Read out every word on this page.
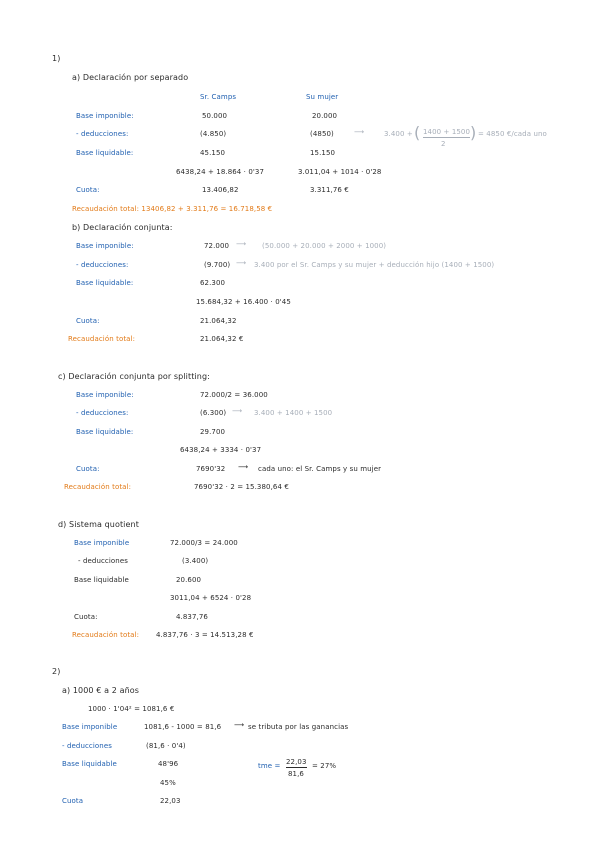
1)
a) Declaración por separado
Sr. Camps	Su mujer
Base imponible:	50.000	20.000
- deducciones:	(4.850)	(4850)	⟶	3.400 + ( 1400 + 1500
2
) = 4850 €/cada uno
Base liquidable:	45.150	15.150
6438,24 + 18.864 · 0'37	3.011,04 + 1014 · 0'28
Cuota:	13.406,82	3.311,76 €
Recaudación total: 13406,82 + 3.311,76 = 16.718,58 €
b) Declaración conjunta:
Base imponible:	72.000 ⟶ (50.000 + 20.000 + 2000 + 1000)
- deducciones:	(9.700) ⟶ 3.400 por el Sr. Camps y su mujer + deducción hijo (1400 + 1500)
Base liquidable:	62.300
15.684,32 + 16.400 · 0'45
Cuota:	21.064,32
Recaudación total:	21.064,32 €
c) Declaración conjunta por splitting:
Base imponible:	72.000/2 = 36.000
- deducciones:	(6.300) ⟶ 3.400 + 1400 + 1500
Base liquidable:	29.700
6438,24 + 3334 · 0'37
Cuota:	7690'32 ⟶ cada uno: el Sr. Camps y su mujer
Recaudación total:	7690'32 · 2 = 15.380,64 €
d) Sistema quotient
Base imponible	72.000/3 = 24.000
- deducciones	(3.400)
Base liquidable	20.600
3011,04 + 6524 · 0'28
Cuota:	4.837,76
Recaudación total: 4.837,76 · 3 = 14.513,28 €
2)
a) 1000 € a 2 años
1000 · 1'04² = 1081,6 €
Base imponible	1081,6 - 1000 = 81,6 ⟶ se tributa por las ganancias
- deducciones	(81,6 · 0'4)
Base liquidable	48'96
45%
tme = 22,03
81,6
= 27%
Cuota	22,03
